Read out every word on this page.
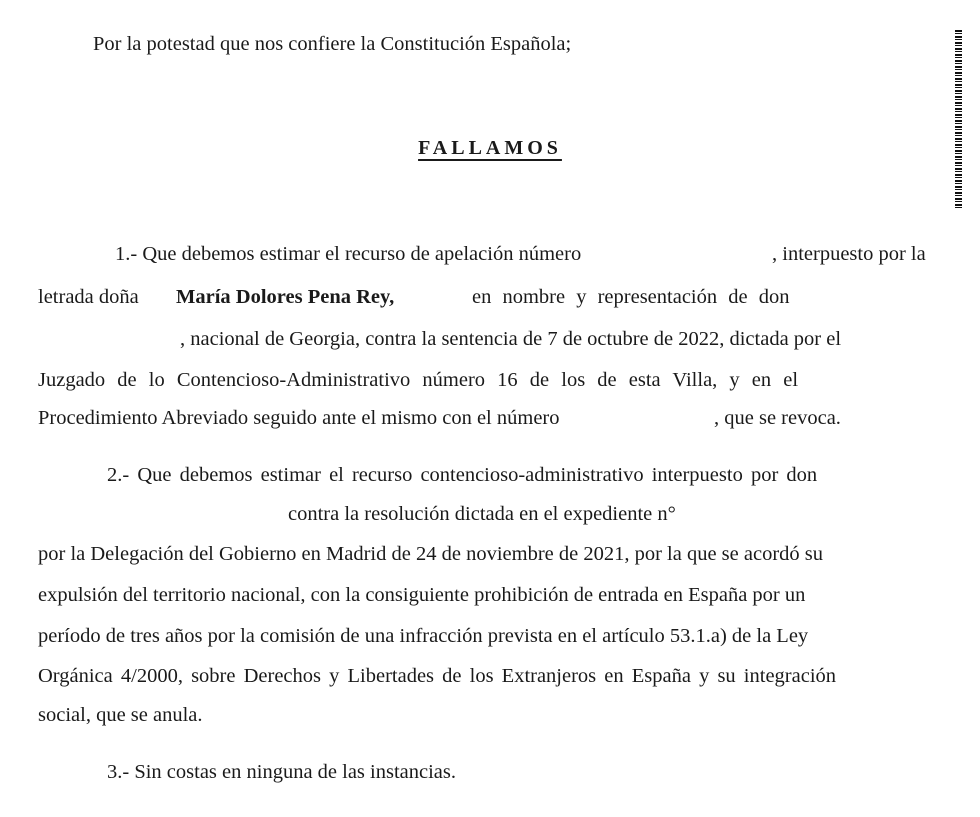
Por la potestad que nos confiere la Constitución Española;
FALLAMOS
1.- Que debemos estimar el recurso de apelación número	, interpuesto por la
letrada doña María Dolores Pena Rey,	en nombre y representación de don
, nacional de Georgia, contra la sentencia de 7 de octubre de 2022, dictada por el
Juzgado de lo Contencioso-Administrativo número 16 de los de esta Villa, y en el
Procedimiento Abreviado seguido ante el mismo con el número	, que se revoca.
2.- Que debemos estimar el recurso contencioso-administrativo interpuesto por don
contra la resolución dictada en el expediente n°
por la Delegación del Gobierno en Madrid de 24 de noviembre de 2021, por la que se acordó su
expulsión del territorio nacional, con la consiguiente prohibición de entrada en España por un
período de tres años por la comisión de una infracción prevista en el artículo 53.1.a) de la Ley
Orgánica 4/2000, sobre Derechos y Libertades de los Extranjeros en España y su integración
social, que se anula.
3.- Sin costas en ninguna de las instancias.
